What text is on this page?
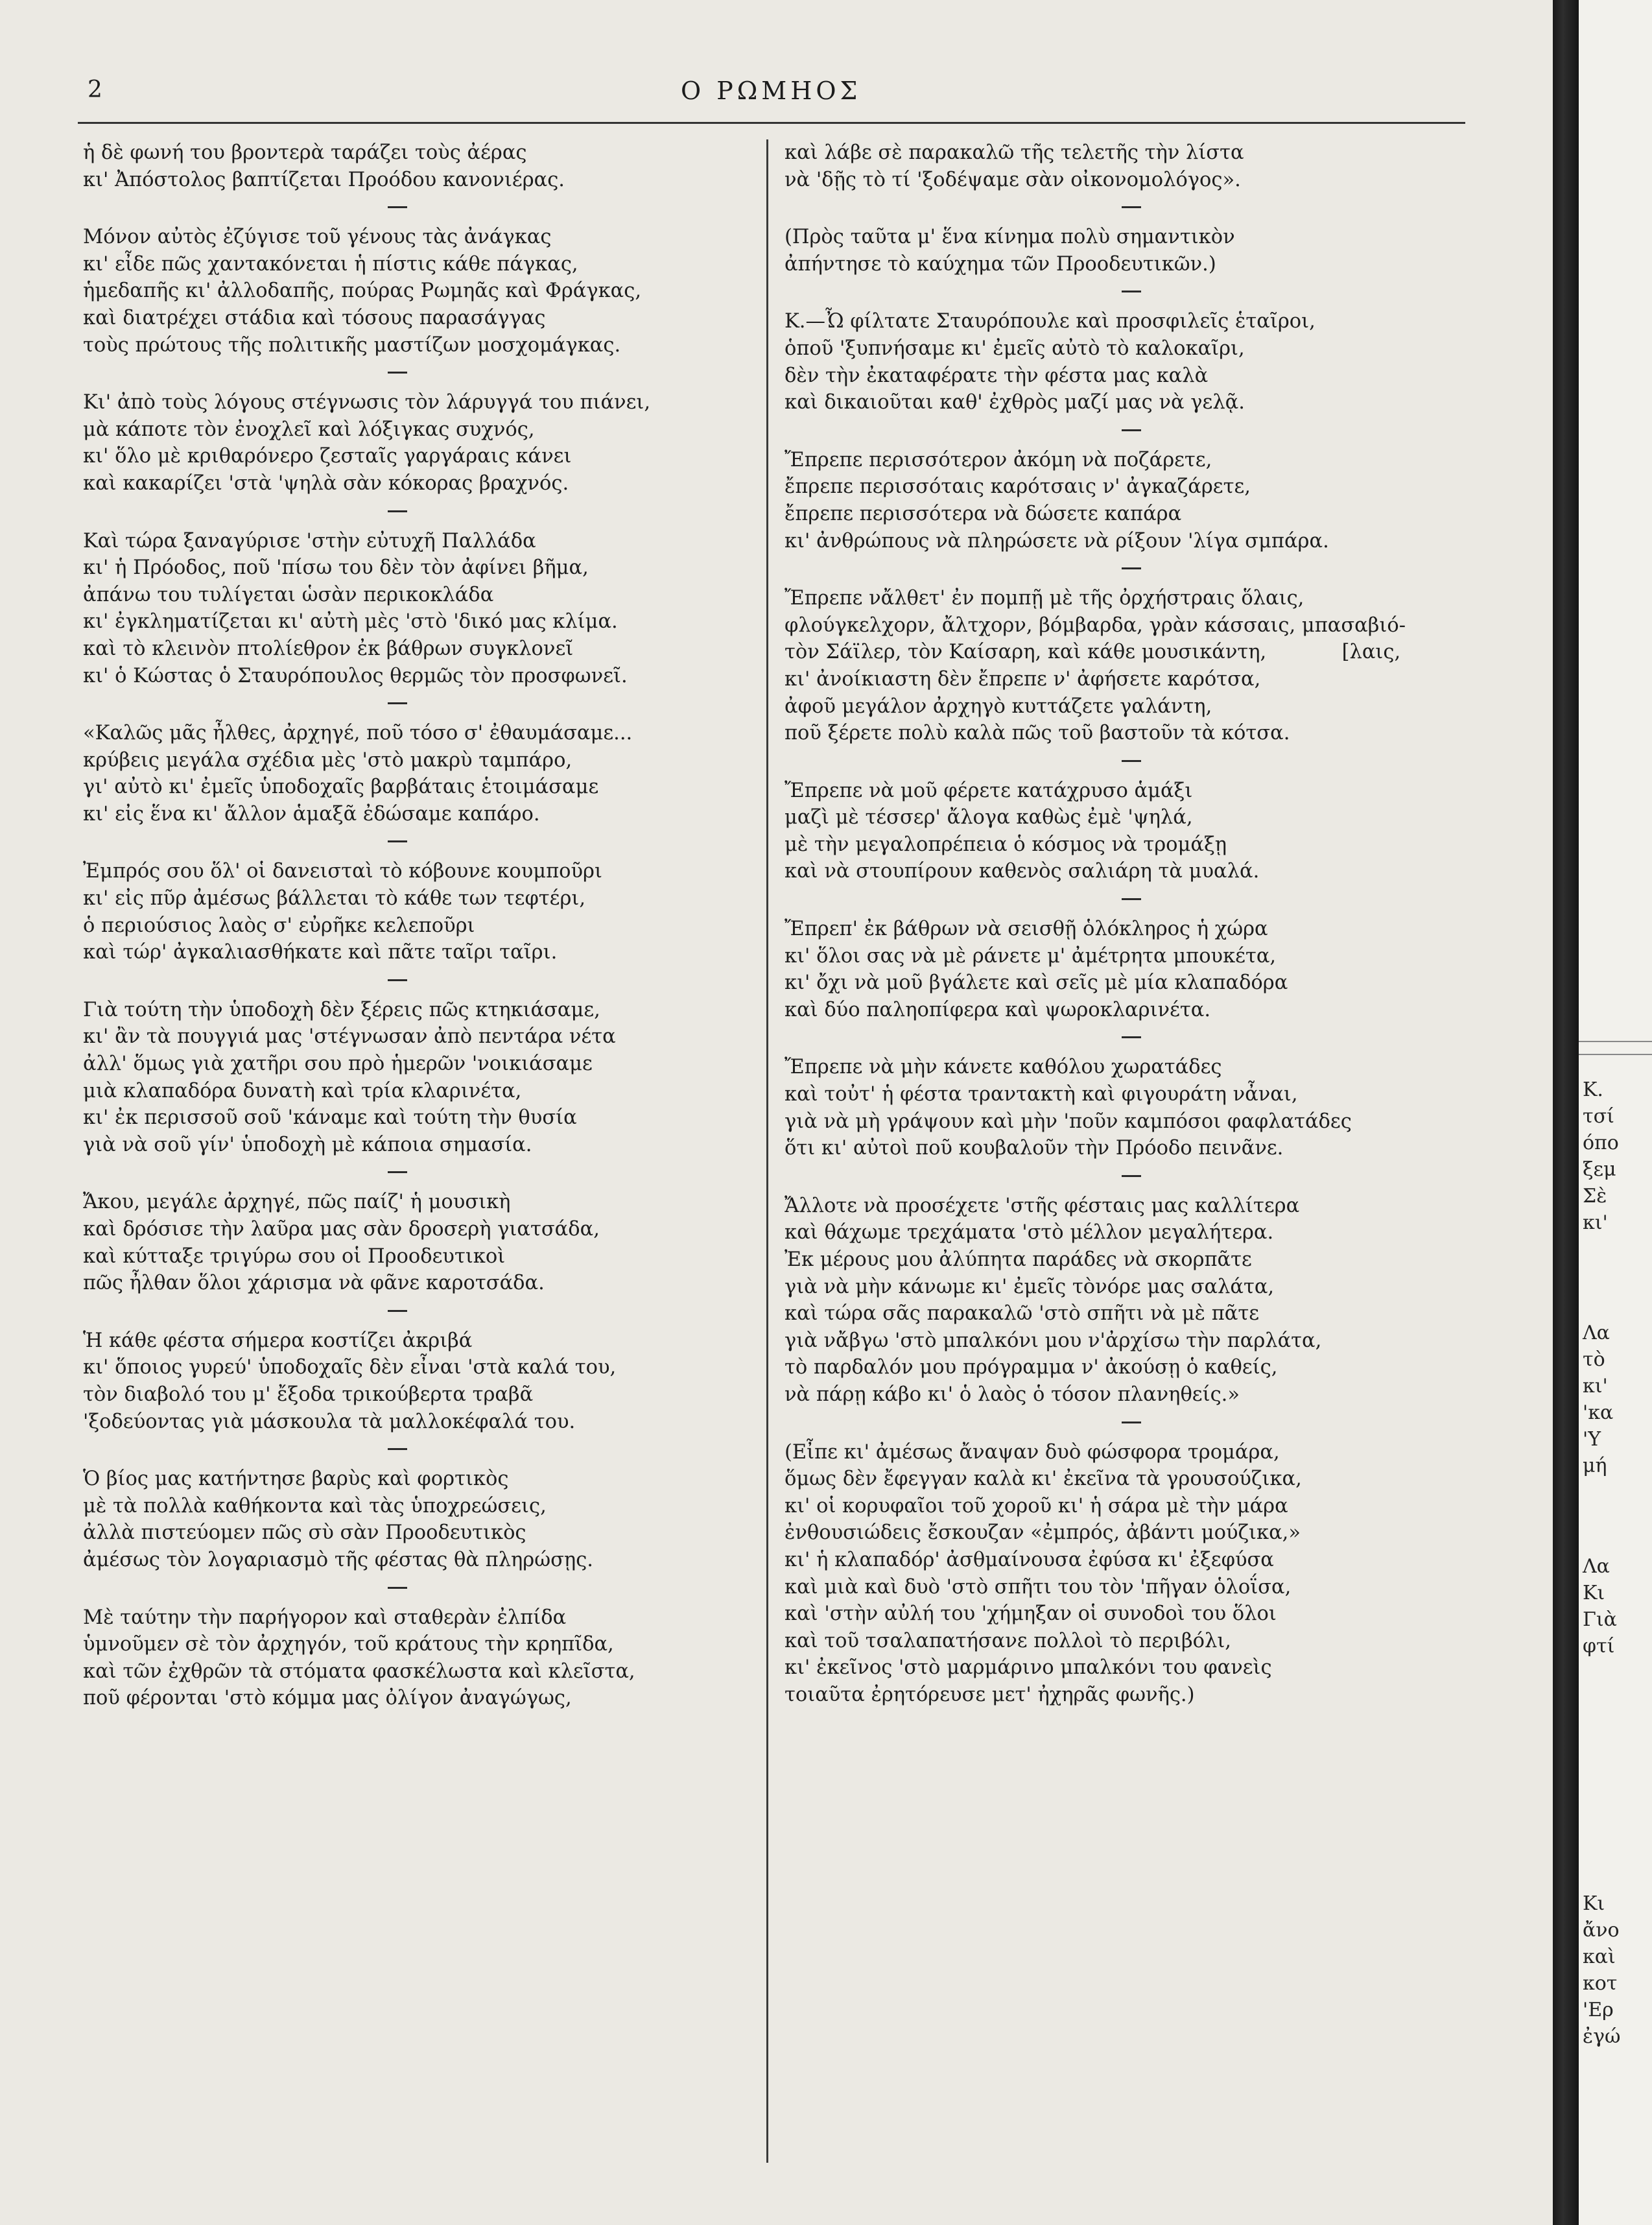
2	Ο ΡΩΜΗΟΣ
ἡ δὲ φωνή του βροντερὰ ταράζει τοὺς ἀέρας
κι' Ἀπόστολος βαπτίζεται Προόδου κανονιέρας.
Μόνον αὐτὸς ἐζύγισε τοῦ γένους τὰς ἀνάγκας
κι' εἶδε πῶς χαντακόνεται ἡ πίστις κάθε πάγκας,
ἡμεδαπῆς κι' ἀλλοδαπῆς, πούρας Ρωμηᾶς καὶ Φράγκας,
καὶ διατρέχει στάδια καὶ τόσους παρασάγγας
τοὺς πρώτους τῆς πολιτικῆς μαστίζων μοσχομάγκας.
Κι' ἀπὸ τοὺς λόγους στέγνωσις τὸν λάρυγγά του πιάνει,
μὰ κάποτε τὸν ἐνοχλεῖ καὶ λόξιγκας συχνός,
κι' ὅλο μὲ κριθαρόνερο ζεσταῖς γαργάραις κάνει
καὶ κακαρίζει 'στὰ 'ψηλὰ σὰν κόκορας βραχνός.
Καὶ τώρα ξαναγύρισε 'στὴν εὐτυχῆ Παλλάδα
κι' ἡ Πρόοδος, ποῦ 'πίσω του δὲν τὸν ἀφίνει βῆμα,
ἀπάνω του τυλίγεται ὡσὰν περικοκλάδα
κι' ἐγκληματίζεται κι' αὐτὴ μὲς 'στὸ 'δικό μας κλίμα.
καὶ τὸ κλεινὸν πτολίεθρον ἐκ βάθρων συγκλονεῖ
κι' ὁ Κώστας ὁ Σταυρόπουλος θερμῶς τὸν προσφωνεῖ.
«Καλῶς μᾶς ἦλθες, ἀρχηγέ, ποῦ τόσο σ' ἐθαυμάσαμε...
κρύβεις μεγάλα σχέδια μὲς 'στὸ μακρὺ ταμπάρο,
γι' αὐτὸ κι' ἐμεῖς ὑποδοχαῖς βαρβάταις ἑτοιμάσαμε
κι' εἰς ἕνα κι' ἄλλον ἁμαξᾶ ἐδώσαμε καπάρο.
Ἐμπρός σου ὅλ' οἱ δανεισταὶ τὸ κόβουνε κουμποῦρι
κι' εἰς πῦρ ἀμέσως βάλλεται τὸ κάθε των τεφτέρι,
ὁ περιούσιος λαὸς σ' εὐρῆκε κελεποῦρι
καὶ τώρ' ἀγκαλιασθήκατε καὶ πᾶτε ταῖρι ταῖρι.
Γιὰ τούτη τὴν ὑποδοχὴ δὲν ξέρεις πῶς κτηκιάσαμε,
κι' ἂν τὰ πουγγιά μας 'στέγνωσαν ἀπὸ πεντάρα νέτα
ἀλλ' ὅμως γιὰ χατῆρι σου πρὸ ἡμερῶν 'νοικιάσαμε
μιὰ κλαπαδόρα δυνατὴ καὶ τρία κλαρινέτα,
κι' ἐκ περισσοῦ σοῦ 'κάναμε καὶ τούτη τὴν θυσία
γιὰ νὰ σοῦ γίν' ὑποδοχὴ μὲ κάποια σημασία.
Ἄκου, μεγάλε ἀρχηγέ, πῶς παίζ' ἡ μουσικὴ
καὶ δρόσισε τὴν λαῦρα μας σὰν δροσερὴ γιατσάδα,
καὶ κύτταξε τριγύρω σου οἱ Προοδευτικοὶ
πῶς ἦλθαν ὅλοι χάρισμα νὰ φᾶνε καροτσάδα.
Ἡ κάθε φέστα σήμερα κοστίζει ἀκριβά
κι' ὅποιος γυρεύ' ὑποδοχαῖς δὲν εἶναι 'στὰ καλά του,
τὸν διαβολό του μ' ἔξοδα τρικούβερτα τραβᾶ
'ξοδεύοντας γιὰ μάσκουλα τὰ μαλλοκέφαλά του.
Ὁ βίος μας κατήντησε βαρὺς καὶ φορτικὸς
μὲ τὰ πολλὰ καθήκοντα καὶ τὰς ὑποχρεώσεις,
ἀλλὰ πιστεύομεν πῶς σὺ σὰν Προοδευτικὸς
ἀμέσως τὸν λογαριασμὸ τῆς φέστας θὰ πληρώσῃς.
Μὲ ταύτην τὴν παρήγορον καὶ σταθερὰν ἐλπίδα
ὑμνοῦμεν σὲ τὸν ἀρχηγόν, τοῦ κράτους τὴν κρηπῖδα,
καὶ τῶν ἐχθρῶν τὰ στόματα φασκέλωστα καὶ κλεῖστα,
ποῦ φέρονται 'στὸ κόμμα μας ὀλίγον ἀναγώγως,
καὶ λάβε σὲ παρακαλῶ τῆς τελετῆς τὴν λίστα
νὰ 'δῇς τὸ τί 'ξοδέψαμε σὰν οἰκονομολόγος».
(Πρὸς ταῦτα μ' ἕνα κίνημα πολὺ σημαντικὸν
ἀπήντησε τὸ καύχημα τῶν Προοδευτικῶν.)
Κ.—Ὦ φίλτατε Σταυρόπουλε καὶ προσφιλεῖς ἑταῖροι,
ὁποῦ 'ξυπνήσαμε κι' ἐμεῖς αὐτὸ τὸ καλοκαῖρι,
δὲν τὴν ἐκαταφέρατε τὴν φέστα μας καλὰ
καὶ δικαιοῦται καθ' ἐχθρὸς μαζί μας νὰ γελᾷ.
Ἔπρεπε περισσότερον ἀκόμη νὰ ποζάρετε,
ἔπρεπε περισσόταις καρότσαις ν' ἀγκαζάρετε,
ἔπρεπε περισσότερα νὰ δώσετε καπάρα
κι' ἀνθρώπους νὰ πληρώσετε νὰ ρίξουν 'λίγα σμπάρα.
Ἔπρεπε νἄλθετ' ἐν πομπῇ μὲ τῆς ὀρχήστραις ὅλαις,
φλούγκελχορν, ἄλτχορν, βόμβαρδα, γρὰν κάσσαις, μπασαβιό-
τὸν Σάϊλερ, τὸν Καίσαρη, καὶ κάθε μουσικάντη,            [λαις,
κι' ἀνοίκιαστη δὲν ἔπρεπε ν' ἀφήσετε καρότσα,
ἀφοῦ μεγάλον ἀρχηγὸ κυττάζετε γαλάντη,
ποῦ ξέρετε πολὺ καλὰ πῶς τοῦ βαστοῦν τὰ κότσα.
Ἔπρεπε νὰ μοῦ φέρετε κατάχρυσο ἁμάξι
μαζὶ μὲ τέσσερ' ἄλογα καθὼς ἐμὲ 'ψηλά,
μὲ τὴν μεγαλοπρέπεια ὁ κόσμος νὰ τρομάξῃ
καὶ νὰ στουπίρουν καθενὸς σαλιάρη τὰ μυαλά.
Ἔπρεπ' ἐκ βάθρων νὰ σεισθῇ ὁλόκληρος ἡ χώρα
κι' ὅλοι σας νὰ μὲ ράνετε μ' ἀμέτρητα μπουκέτα,
κι' ὄχι νὰ μοῦ βγάλετε καὶ σεῖς μὲ μία κλαπαδόρα
καὶ δύο παληοπίφερα καὶ ψωροκλαρινέτα.
Ἔπρεπε νὰ μὴν κάνετε καθόλου χωρατάδες
καὶ τοὐτ' ἡ φέστα τραντακτὴ καὶ φιγουράτη νἆναι,
γιὰ νὰ μὴ γράψουν καὶ μὴν 'ποῦν καμπόσοι φαφλατάδες
ὅτι κι' αὐτοὶ ποῦ κουβαλοῦν τὴν Πρόοδο πεινᾶνε.
Ἄλλοτε νὰ προσέχετε 'στῆς φέσταις μας καλλίτερα
καὶ θάχωμε τρεχάματα 'στὸ μέλλον μεγαλήτερα.
Ἐκ μέρους μου ἀλύπητα παράδες νὰ σκορπᾶτε
γιὰ νὰ μὴν κάνωμε κι' ἐμεῖς τὸνόρε μας σαλάτα,
καὶ τώρα σᾶς παρακαλῶ 'στὸ σπῆτι νὰ μὲ πᾶτε
γιὰ νἄβγω 'στὸ μπαλκόνι μου ν'ἀρχίσω τὴν παρλάτα,
τὸ παρδαλόν μου πρόγραμμα ν' ἀκούσῃ ὁ καθείς,
νὰ πάρῃ κάβο κι' ὁ λαὸς ὁ τόσον πλανηθείς.»
(Εἶπε κι' ἀμέσως ἄναψαν δυὸ φώσφορα τρομάρα,
ὅμως δὲν ἔφεγγαν καλὰ κι' ἐκεῖνα τὰ γρουσούζικα,
κι' οἱ κορυφαῖοι τοῦ χοροῦ κι' ἡ σάρα μὲ τὴν μάρα
ἐνθουσιώδεις ἔσκουζαν «ἐμπρός, ἀβάντι μούζικα,»
κι' ἡ κλαπαδόρ' ἀσθμαίνουσα ἐφύσα κι' ἐξεφύσα
καὶ μιὰ καὶ δυὸ 'στὸ σπῆτι του τὸν 'πῆγαν ὁλοΐσα,
καὶ 'στὴν αὐλή του 'χήμηξαν οἱ συνοδοὶ του ὅλοι
καὶ τοῦ τσαλαπατήσανε πολλοὶ τὸ περιβόλι,
κι' ἐκεῖνος 'στὸ μαρμάρινο μπαλκόνι του φανεὶς
τοιαῦτα ἐρητόρευσε μετ' ἠχηρᾶς φωνῆς.)
Κ.
τσί
όπο
ξεμ
Σὲ
κι'
Λα
τὸ
κι'
'κα
'Υ
μή
Λα
Κι
Γιὰ
φτί
Κι
ἄνο
καὶ
κοτ
'Ερ
ἐγώ
